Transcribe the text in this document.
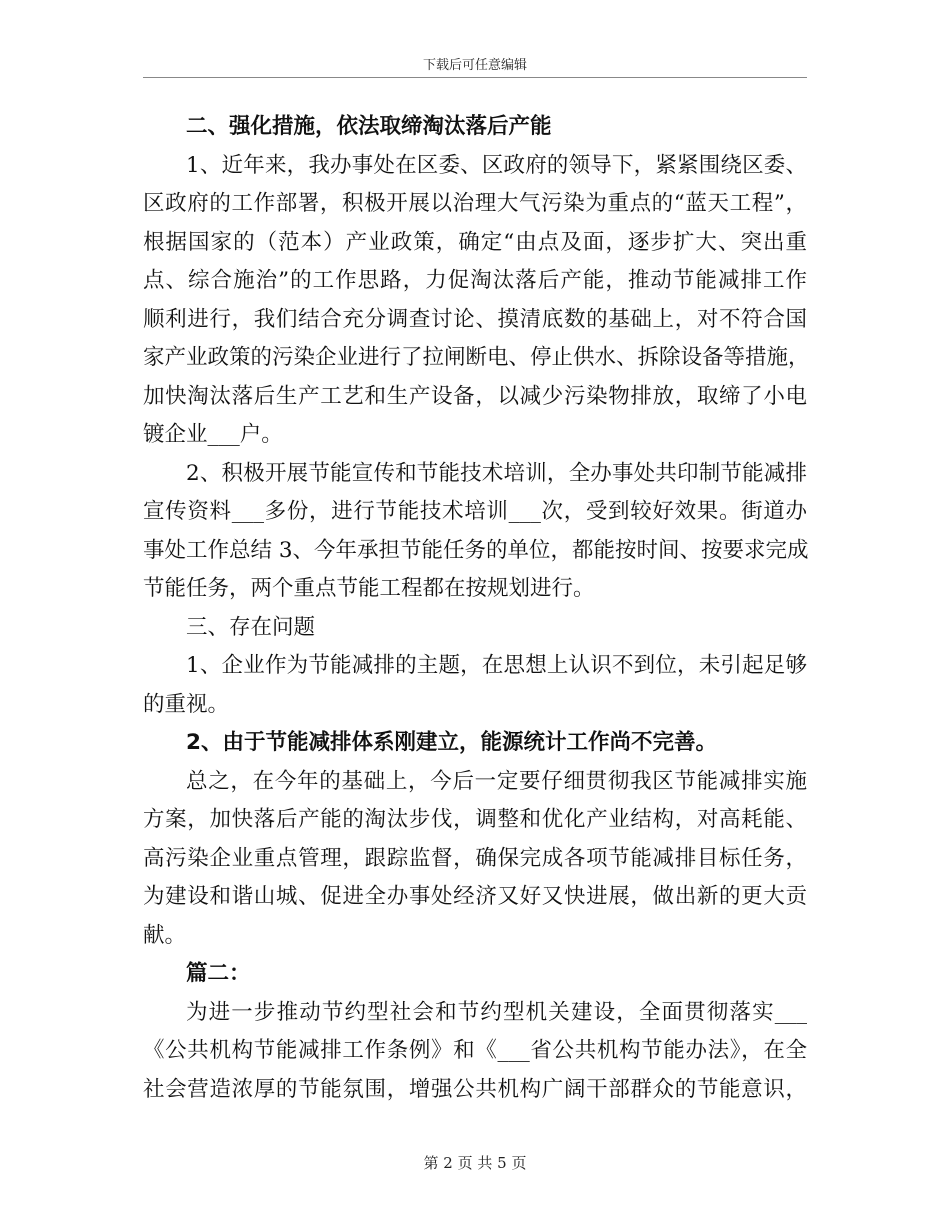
下载后可任意编辑
二、强化措施，依法取缔淘汰落后产能
1、近年来，我办事处在区委、区政府的领导下，紧紧围绕区委、
区政府的工作部署，积极开展以治理大气污染为重点的“蓝天工程”，
根据国家的（范本）产业政策，确定“由点及面，逐步扩大、突出重
点、综合施治”的工作思路，力促淘汰落后产能，推动节能减排工作
顺利进行，我们结合充分调查讨论、摸清底数的基础上，对不符合国
家产业政策的污染企业进行了拉闸断电、停止供水、拆除设备等措施，
加快淘汰落后生产工艺和生产设备，以减少污染物排放，取缔了小电
镀企业___户。
2、积极开展节能宣传和节能技术培训，全办事处共印制节能减排
宣传资料___多份，进行节能技术培训___次，受到较好效果。街道办
事处工作总结 3、今年承担节能任务的单位，都能按时间、按要求完成
节能任务，两个重点节能工程都在按规划进行。
三、存在问题
1、企业作为节能减排的主题，在思想上认识不到位，未引起足够
的重视。
2、由于节能减排体系刚建立，能源统计工作尚不完善。
总之，在今年的基础上，今后一定要仔细贯彻我区节能减排实施
方案，加快落后产能的淘汰步伐，调整和优化产业结构，对高耗能、
高污染企业重点管理，跟踪监督，确保完成各项节能减排目标任务，
为建设和谐山城、促进全办事处经济又好又快进展，做出新的更大贡
献。
篇二：
为进一步推动节约型社会和节约型机关建设，全面贯彻落实___
《公共机构节能减排工作条例》和《___省公共机构节能办法》，在全
社会营造浓厚的节能氛围，增强公共机构广阔干部群众的节能意识，
第 2 页 共 5 页
